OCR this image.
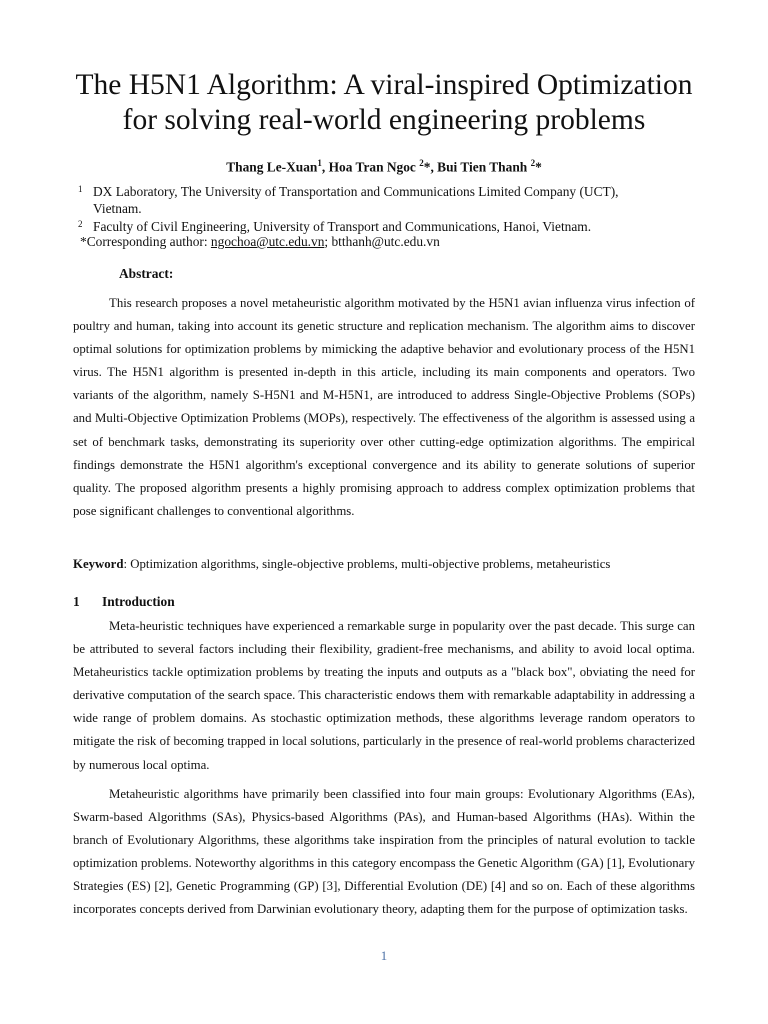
The H5N1 Algorithm: A viral-inspired Optimization
for solving real-world engineering problems
Thang Le-Xuan$^1$, Hoa Tran Ngoc $^2$*, Bui Tien Thanh $^2$*
1 DX Laboratory, The University of Transportation and Communications Limited Company (UCT),
Vietnam.
2 Faculty of Civil Engineering, University of Transport and Communications, Hanoi, Vietnam.
*Corresponding author: ngochoa@utc.edu.vn; btthanh@utc.edu.vn
Abstract:

This research proposes a novel metaheuristic algorithm motivated by the H5N1 avian influenza virus infection of poultry and human, taking into account its genetic structure and replication mechanism. The algorithm aims to discover optimal solutions for optimization problems by mimicking the adaptive behavior and evolutionary process of the H5N1 virus. The H5N1 algorithm is presented in-depth in this article, including its main components and operators. Two variants of the algorithm, namely S-H5N1 and M-H5N1, are introduced to address Single-Objective Problems (SOPs) and Multi-Objective Optimization Problems (MOPs), respectively. The effectiveness of the algorithm is assessed using a set of benchmark tasks, demonstrating its superiority over other cutting-edge optimization algorithms. The empirical findings demonstrate the H5N1 algorithm's exceptional convergence and its ability to generate solutions of superior quality. The proposed algorithm presents a highly promising approach to address complex optimization problems that pose significant challenges to conventional algorithms.

Keyword: Optimization algorithms, single-objective problems, multi-objective problems, metaheuristics
1 Introduction

Meta-heuristic techniques have experienced a remarkable surge in popularity over the past decade. This surge can be attributed to several factors including their flexibility, gradient-free mechanisms, and ability to avoid local optima. Metaheuristics tackle optimization problems by treating the inputs and outputs as a "black box", obviating the need for derivative computation of the search space. This characteristic endows them with remarkable adaptability in addressing a wide range of problem domains. As stochastic optimization methods, these algorithms leverage random operators to mitigate the risk of becoming trapped in local solutions, particularly in the presence of real-world problems characterized by numerous local optima.

Metaheuristic algorithms have primarily been classified into four main groups: Evolutionary Algorithms (EAs), Swarm-based Algorithms (SAs), Physics-based Algorithms (PAs), and Human-based Algorithms (HAs). Within the branch of Evolutionary Algorithms, these algorithms take inspiration from the principles of natural evolution to tackle optimization problems. Noteworthy algorithms in this category encompass the Genetic Algorithm (GA) [1], Evolutionary Strategies (ES) [2], Genetic Programming (GP) [3], Differential Evolution (DE) [4] and so on. Each of these algorithms incorporates concepts derived from Darwinian evolutionary theory, adapting them for the purpose of optimization tasks.

1
